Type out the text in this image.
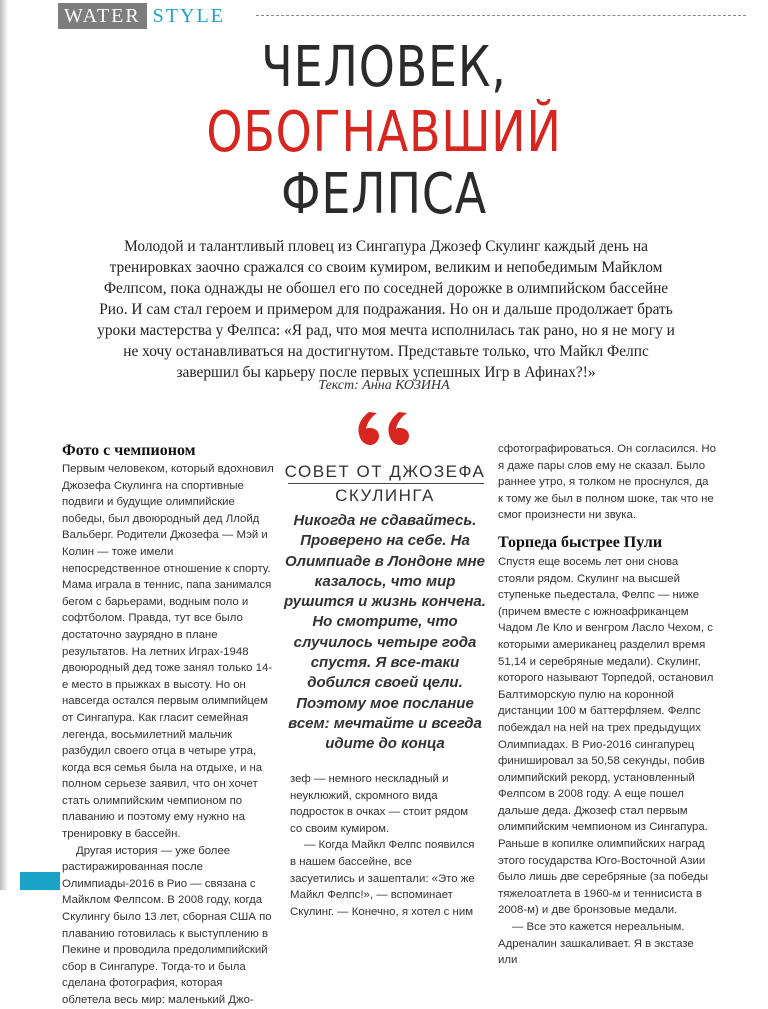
WATER STYLE
ЧЕЛОВЕК,
ОБОГНАВШИЙ
ФЕЛПСА
Молодой и талантливый пловец из Сингапура Джозеф Скулинг каждый день на тренировках заочно сражался со своим кумиром, великим и непобедимым Майклом Фелпсом, пока однажды не обошел его по соседней дорожке в олимпийском бассейне Рио. И сам стал героем и примером для подражания. Но он и дальше продолжает брать уроки мастерства у Фелпса: «Я рад, что моя мечта исполнилась так рано, но я не могу и не хочу останавливаться на достигнутом. Представьте только, что Майкл Фелпс завершил бы карьеру после первых успешных Игр в Афинах?!»
Текст: Анна КОЗИНА

Фото с чемпионом

Первым человеком, который вдохновил Джозефа Скулинга на спортивные подвиги и будущие олимпийские победы, был двоюродный дед Ллойд Вальберг. Родители Джозефа — Мэй и Колин — тоже имели непосредственное отношение к спорту. Мама играла в теннис, папа занимался бегом с барьерами, водным поло и софтболом. Правда, тут все было достаточно заурядно в плане результатов. На летних Играх-1948 двоюродный дед тоже занял только 14-е место в прыжках в высоту. Но он навсегда остался первым олимпийцем от Сингапура. Как гласит семейная легенда, восьмилетний мальчик разбудил своего отца в четыре утра, когда вся семья была на отдыхе, и на полном серьезе заявил, что он хочет стать олимпийским чемпионом по плаванию и поэтому ему нужно на тренировку в бассейн.

Другая история — уже более растиражированная после Олимпиады-2016 в Рио — связана с Майклом Фелпсом. В 2008 году, когда Скулингу было 13 лет, сборная США по плаванию готовилась к выступлению в Пекине и проводила предолимпийский сбор в Сингапуре. Тогда-то и была сделана фотография, которая облетела весь мир: маленький Джо-

СОВЕТ ОТ ДЖОЗЕФА СКУЛИНГА
Никогда не сдавайтесь. Проверено на себе. На Олимпиаде в Лондоне мне казалось, что мир рушится и жизнь кончена. Но смотрите, что случилось четыре года спустя. Я все-таки добился своей цели. Поэтому мое послание всем: мечтайте и всегда идите до конца

зеф — немного нескладный и неуклюжий, скромного вида подросток в очках — стоит рядом со своим кумиром.

— Когда Майкл Фелпс появился в нашем бассейне, все засуетились и зашептали: «Это же Майкл Фелпс!», — вспоминает Скулинг. — Конечно, я хотел с ним

сфотографироваться. Он согласился. Но я даже пары слов ему не сказал. Было раннее утро, я толком не проснулся, да к тому же был в полном шоке, так что не смог произнести ни звука.

Торпеда быстрее Пули

Спустя еще восемь лет они снова стояли рядом. Скулинг на высшей ступеньке пьедестала, Фелпс — ниже (причем вместе с южноафриканцем Чадом Ле Кло и венгром Ласло Чехом, с которыми американец разделил время 51,14 и серебряные медали). Скулинг, которого называют Торпедой, остановил Балтиморскую пулю на коронной дистанции 100 м баттерфляем. Фелпс побеждал на ней на трех предыдущих Олимпиадах. В Рио-2016 сингапурец финишировал за 50,58 секунды, побив олимпийский рекорд, установленный Фелпсом в 2008 году. А еще пошел дальше деда. Джозеф стал первым олимпийским чемпионом из Сингапура. Раньше в копилке олимпийских наград этого государства Юго-Восточной Азии было лишь две серебряные (за победы тяжелоатлета в 1960-м и теннисиста в 2008-м) и две бронзовые медали.

— Все это кажется нереальным. Адреналин зашкаливает. Я в экстазе или
